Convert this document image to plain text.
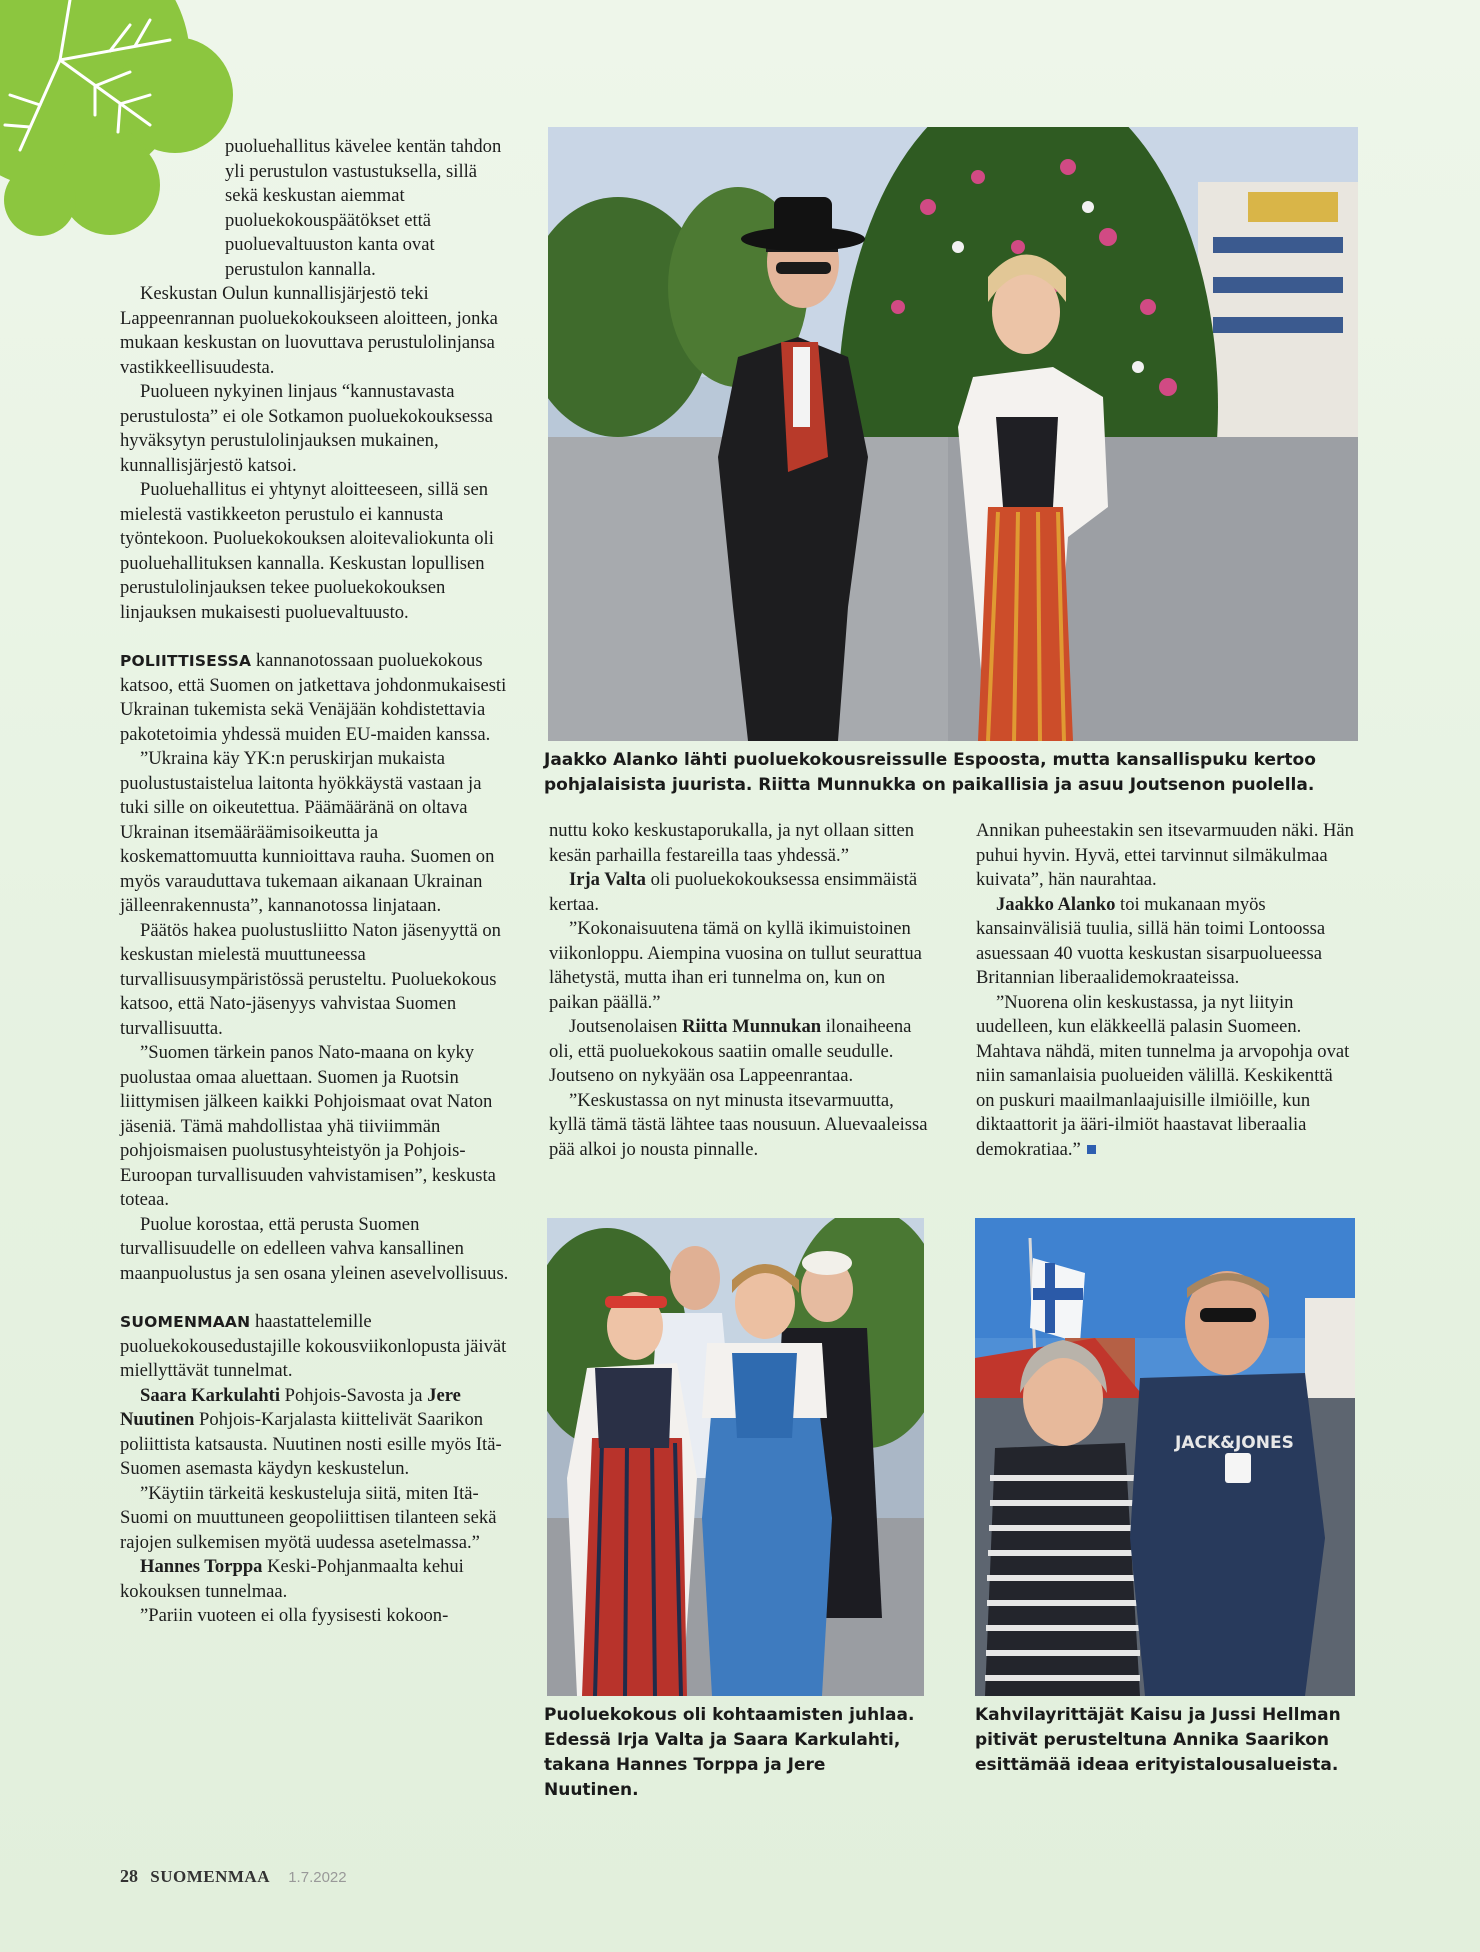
puoluehallitus kävelee kentän tahdon yli perustulon vastustuksella, sillä sekä keskustan aiemmat puoluekokouspäätökset että puoluevaltuuston kanta ovat perustulon kannalla.

Keskustan Oulun kunnallisjärjestö teki Lappeenrannan puoluekokoukseen aloitteen, jonka mukaan keskustan on luovuttava perustulolinjansa vastikkeellisuudesta.

Puolueen nykyinen linjaus “kannustavasta perustulosta” ei ole Sotkamon puoluekokouksessa hyväksytyn perustulolinjauksen mukainen, kunnallisjärjestö katsoi.

Puoluehallitus ei yhtynyt aloitteeseen, sillä sen mielestä vastikkeeton perustulo ei kannusta työntekoon. Puoluekokouksen aloitevaliokunta oli puoluehallituksen kannalla. Keskustan lopullisen perustulolinjauksen tekee puoluekokouksen linjauksen mukaisesti puoluevaltuusto.

POLIITTISESSA kannanotossaan puoluekokous katsoo, että Suomen on jatkettava johdonmukaisesti Ukrainan tukemista sekä Venäjään kohdistettavia pakotetoimia yhdessä muiden EU-maiden kanssa.

”Ukraina käy YK:n peruskirjan mukaista puolustustaistelua laitonta hyökkäystä vastaan ja tuki sille on oikeutettua. Päämääränä on oltava Ukrainan itsemääräämisoikeutta ja koskemattomuutta kunnioittava rauha. Suomen on myös varauduttava tukemaan aikanaan Ukrainan jälleenrakennusta”, kannanotossa linjataan.

Päätös hakea puolustusliitto Naton jäsenyyttä on keskustan mielestä muuttuneessa turvallisuusympäristössä perusteltu. Puoluekokous katsoo, että Nato-jäsenyys vahvistaa Suomen turvallisuutta.

”Suomen tärkein panos Nato-maana on kyky puolustaa omaa aluettaan. Suomen ja Ruotsin liittymisen jälkeen kaikki Pohjoismaat ovat Naton jäseniä. Tämä mahdollistaa yhä tiiviimmän pohjoismaisen puolustusyhteistyön ja Pohjois-Euroopan turvallisuuden vahvistamisen”, keskusta toteaa.

Puolue korostaa, että perusta Suomen turvallisuudelle on edelleen vahva kansallinen maanpuolustus ja sen osana yleinen asevelvollisuus.

SUOMENMAAN haastattelemille puoluekokousedustajille kokousviikonlopusta jäivät miellyttävät tunnelmat.

Saara Karkulahti Pohjois-Savosta ja Jere Nuutinen Pohjois-Karjalasta kiittelivät Saarikon poliittista katsausta. Nuutinen nosti esille myös Itä-Suomen asemasta käydyn keskustelun.

”Käytiin tärkeitä keskusteluja siitä, miten Itä-Suomi on muuttuneen geopoliittisen tilanteen sekä rajojen sulkemisen myötä uudessa asetelmassa.”

Hannes Torppa Keski-Pohjanmaalta kehui kokouksen tunnelmaa.

”Pariin vuoteen ei olla fyysisesti kokoon-

Jaakko Alanko lähti puoluekokousreissulle Espoosta, mutta kansallispuku kertoo pohjalaisista juurista. Riitta Munnukka on paikallisia ja asuu Joutsenon puolella.

nuttu koko keskustaporukalla, ja nyt ollaan sitten kesän parhailla festareilla taas yhdessä.”

Irja Valta oli puoluekokouksessa ensimmäistä kertaa.

”Kokonaisuutena tämä on kyllä ikimuistoinen viikonloppu. Aiempina vuosina on tullut seurattua lähetystä, mutta ihan eri tunnelma on, kun on paikan päällä.”

Joutsenolaisen Riitta Munnukan ilonaiheena oli, että puoluekokous saatiin omalle seudulle. Joutseno on nykyään osa Lappeenrantaa.

”Keskustassa on nyt minusta itsevarmuutta, kyllä tämä tästä lähtee taas nousuun. Aluevaaleissa pää alkoi jo nousta pinnalle.

Annikan puheestakin sen itsevarmuuden näki. Hän puhui hyvin. Hyvä, ettei tarvinnut silmäkulmaa kuivata”, hän naurahtaa.

Jaakko Alanko toi mukanaan myös kansainvälisiä tuulia, sillä hän toimi Lontoossa asuessaan 40 vuotta keskustan sisarpuolueessa Britannian liberaalidemokraateissa.

”Nuorena olin keskustassa, ja nyt liityin uudelleen, kun eläkkeellä palasin Suomeen. Mahtava nähdä, miten tunnelma ja arvopohja ovat niin samanlaisia puolueiden välillä. Keskikenttä on puskuri maailmanlaajuisille ilmiöille, kun diktaattorit ja ääri-ilmiöt haastavat liberaalia demokratiaa.”

Puoluekokous oli kohtaamisten juhlaa. Edessä Irja Valta ja Saara Karkulahti, takana Hannes Torppa ja Jere Nuutinen.
JACK&JONES
Kahvilayrittäjät Kaisu ja Jussi Hellman pitivät perusteltuna Annika Saarikon esittämää ideaa erityistalousalueista.
28 SUOMENMAA 1.7.2022
